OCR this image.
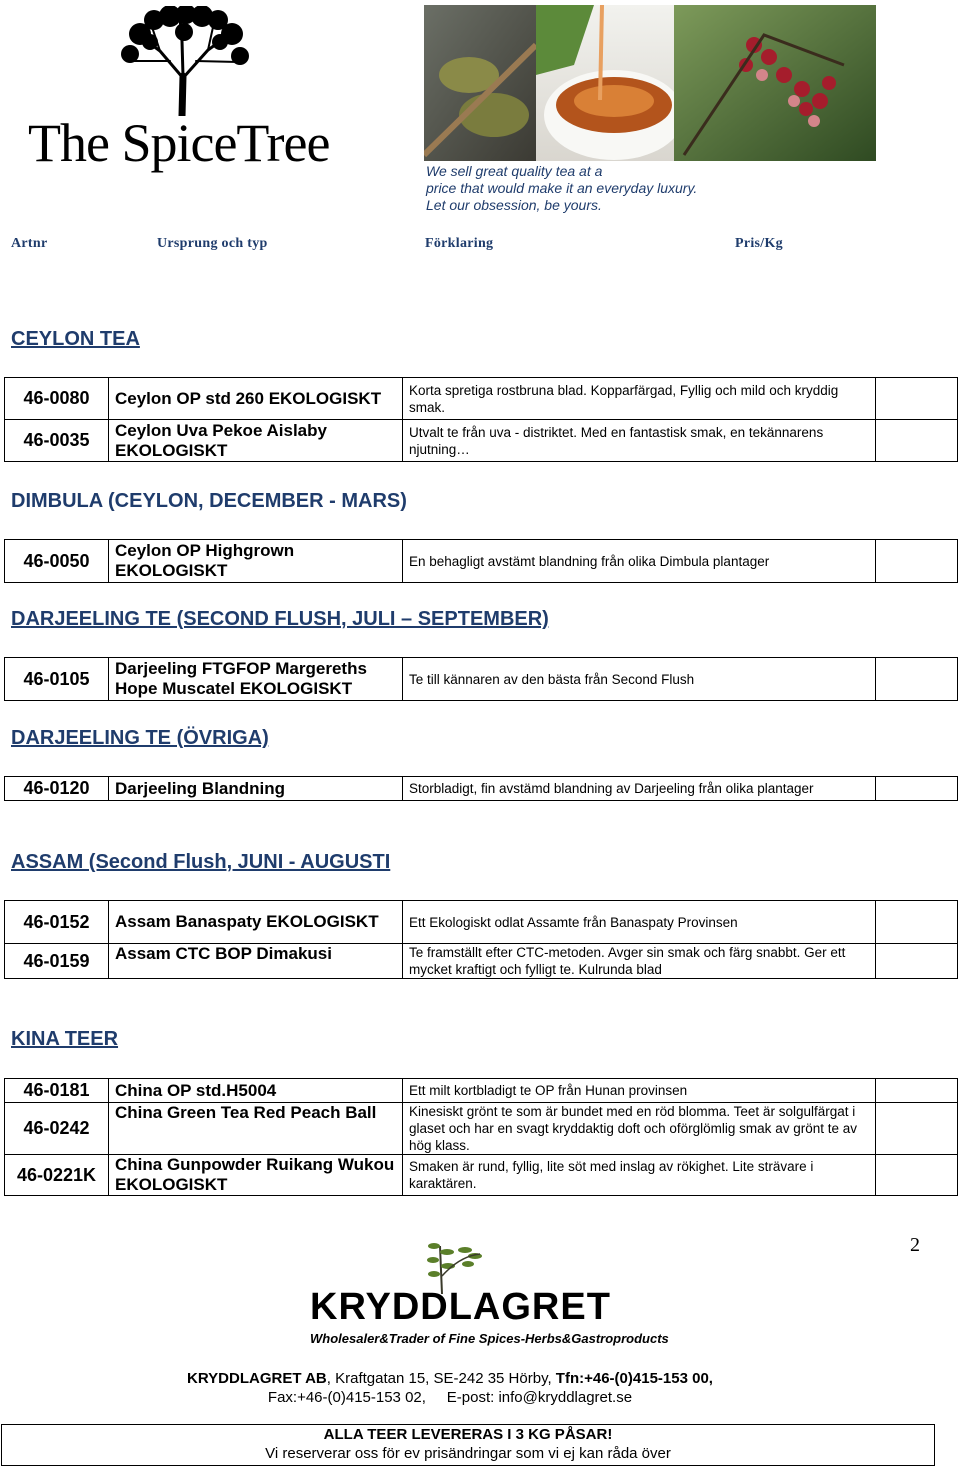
The SpiceTree	We sell great quality tea at a
price that would make it an everyday luxury.
Let our obsession, be yours.
Artnr	Ursprung och typ	Förklaring	Pris/Kg
CEYLON TEA
46-0080	Ceylon OP std 260 EKOLOGISKT	Korta spretiga rostbruna blad. Kopparfärgad, Fyllig och mild och kryddig smak.	
46-0035	Ceylon Uva Pekoe Aislaby EKOLOGISKT	Utvalt te från uva - distriktet. Med en fantastisk smak, en tekännarens njutning…	
DIMBULA (CEYLON, DECEMBER - MARS)
46-0050	Ceylon OP Highgrown EKOLOGISKT	En behagligt avstämt blandning från olika Dimbula plantager	
DARJEELING TE (SECOND FLUSH, JULI – SEPTEMBER)
46-0105	Darjeeling FTGFOP Margereths Hope Muscatel EKOLOGISKT	Te till kännaren av den bästa från Second Flush	
DARJEELING TE (ÖVRIGA)
46-0120	Darjeeling Blandning	Storbladigt, fin avstämd blandning av Darjeeling från olika plantager	
ASSAM (Second Flush, JUNI - AUGUSTI
46-0152	Assam Banaspaty EKOLOGISKT	Ett Ekologiskt odlat Assamte från Banaspaty Provinsen	
46-0159	Assam CTC BOP Dimakusi	Te framställt efter CTC-metoden. Avger sin smak och färg snabbt. Ger ett mycket kraftigt och fylligt te. Kulrunda blad	
KINA TEER
46-0181	China OP std.H5004	Ett milt kortbladigt te OP från Hunan provinsen	
46-0242	China Green Tea Red Peach Ball	Kinesiskt grönt te som är bundet med en röd blomma. Teet är solgulfärgat i glaset och har en svagt kryddaktig doft och oförglömlig smak av grönt te av hög klass.	
46-0221K	China Gunpowder Ruikang Wukou EKOLOGISKT	Smaken är rund, fyllig, lite söt med inslag av rökighet. Lite strävare i karaktären.	
2
KRYDDLAGRET
Wholesaler&Trader of Fine Spices-Herbs&Gastroproducts
KRYDDLAGRET AB, Kraftgatan 15, SE-242 35 Hörby, Tfn:+46-(0)415-153 00,
Fax:+46-(0)415-153 02,     E-post: info@kryddlagret.se
ALLA TEER LEVERERAS I 3 KG PÅSAR!
Vi reserverar oss för ev prisändringar som vi ej kan råda över
